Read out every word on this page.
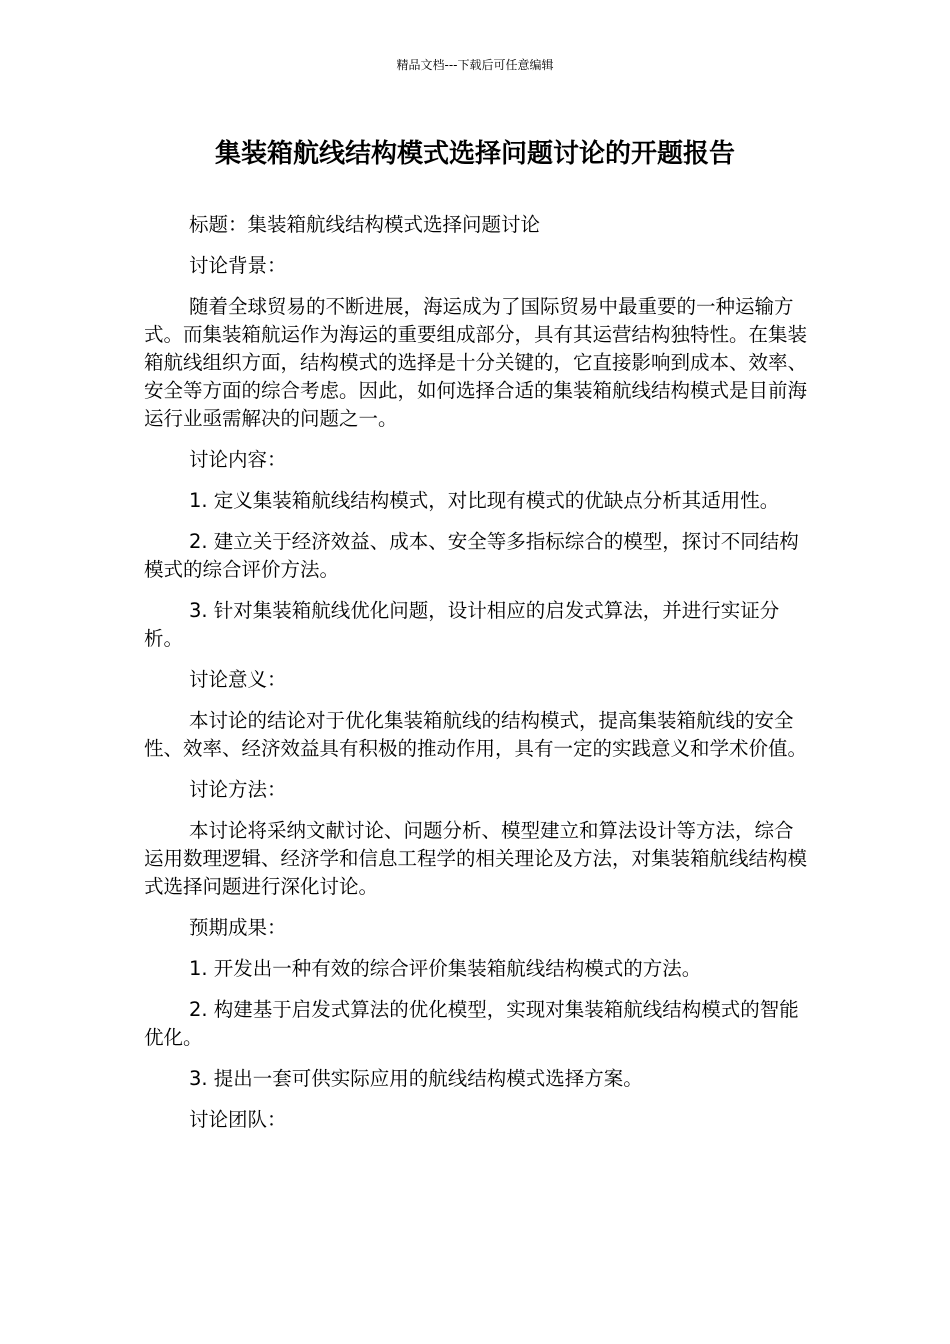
精品文档---下载后可任意编辑
集装箱航线结构模式选择问题讨论的开题报告

标题：集装箱航线结构模式选择问题讨论

讨论背景：

随着全球贸易的不断进展，海运成为了国际贸易中最重要的一种运输方式。而集装箱航运作为海运的重要组成部分，具有其运营结构独特性。在集装箱航线组织方面，结构模式的选择是十分关键的，它直接影响到成本、效率、安全等方面的综合考虑。因此，如何选择合适的集装箱航线结构模式是目前海运行业亟需解决的问题之一。

讨论内容：

1. 定义集装箱航线结构模式，对比现有模式的优缺点分析其适用性。

2. 建立关于经济效益、成本、安全等多指标综合的模型，探讨不同结构模式的综合评价方法。

3. 针对集装箱航线优化问题，设计相应的启发式算法，并进行实证分析。

讨论意义：

本讨论的结论对于优化集装箱航线的结构模式，提高集装箱航线的安全性、效率、经济效益具有积极的推动作用，具有一定的实践意义和学术价值。

讨论方法：

本讨论将采纳文献讨论、问题分析、模型建立和算法设计等方法，综合运用数理逻辑、经济学和信息工程学的相关理论及方法，对集装箱航线结构模式选择问题进行深化讨论。

预期成果：

1. 开发出一种有效的综合评价集装箱航线结构模式的方法。

2. 构建基于启发式算法的优化模型，实现对集装箱航线结构模式的智能优化。

3. 提出一套可供实际应用的航线结构模式选择方案。

讨论团队：
